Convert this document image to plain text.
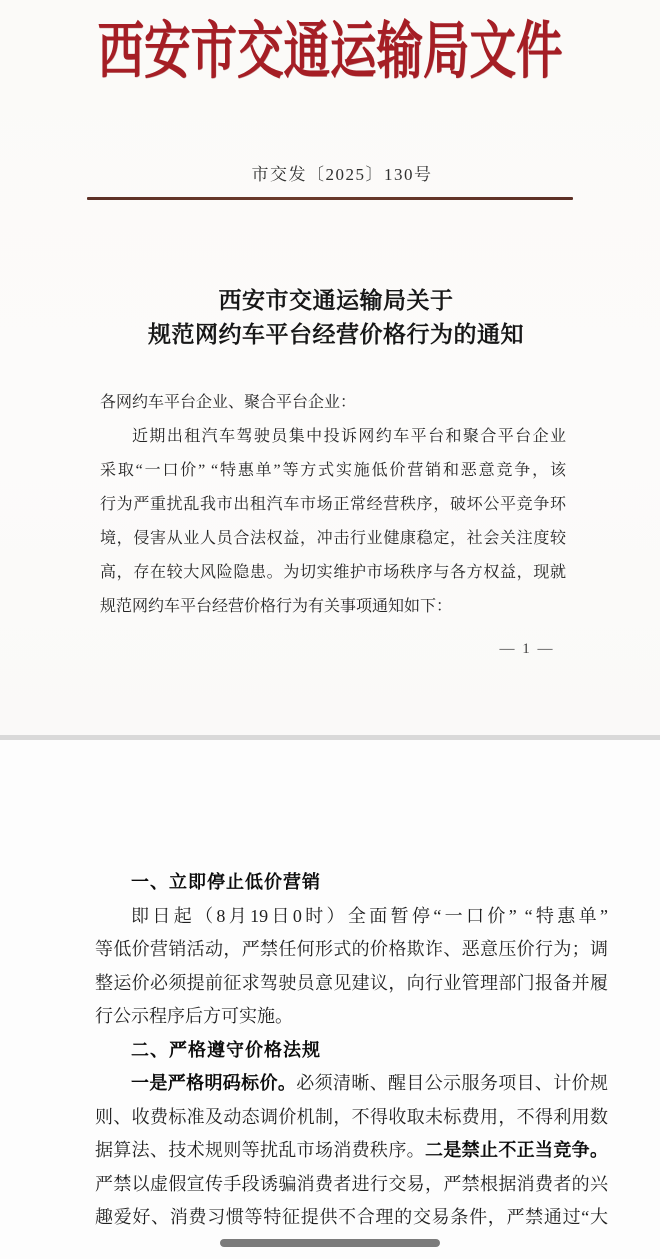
西安市交通运输局文件
市交发〔2025〕130号
西安市交通运输局关于
规范网约车平台经营价格行为的通知
各网约车平台企业、聚合平台企业：
近期出租汽车驾驶员集中投诉网约车平台和聚合平台企业
采取“一口价” “特惠单”等方式实施低价营销和恶意竞争，该
行为严重扰乱我市出租汽车市场正常经营秩序，破坏公平竞争环
境，侵害从业人员合法权益，冲击行业健康稳定，社会关注度较
高，存在较大风险隐患。为切实维护市场秩序与各方权益，现就
规范网约车平台经营价格行为有关事项通知如下：
— 1 —
一、立即停止低价营销
即日起（8月19日0时）全面暂停“一口价” “特惠单”
等低价营销活动，严禁任何形式的价格欺诈、恶意压价行为；调
整运价必须提前征求驾驶员意见建议，向行业管理部门报备并履
行公示程序后方可实施。
二、严格遵守价格法规
一是严格明码标价。必须清晰、醒目公示服务项目、计价规
则、收费标准及动态调价机制，不得收取未标费用，不得利用数
据算法、技术规则等扰乱市场消费秩序。二是禁止不正当竞争。
严禁以虚假宣传手段诱骗消费者进行交易，严禁根据消费者的兴
趣爱好、消费习惯等特征提供不合理的交易条件，严禁通过“大
